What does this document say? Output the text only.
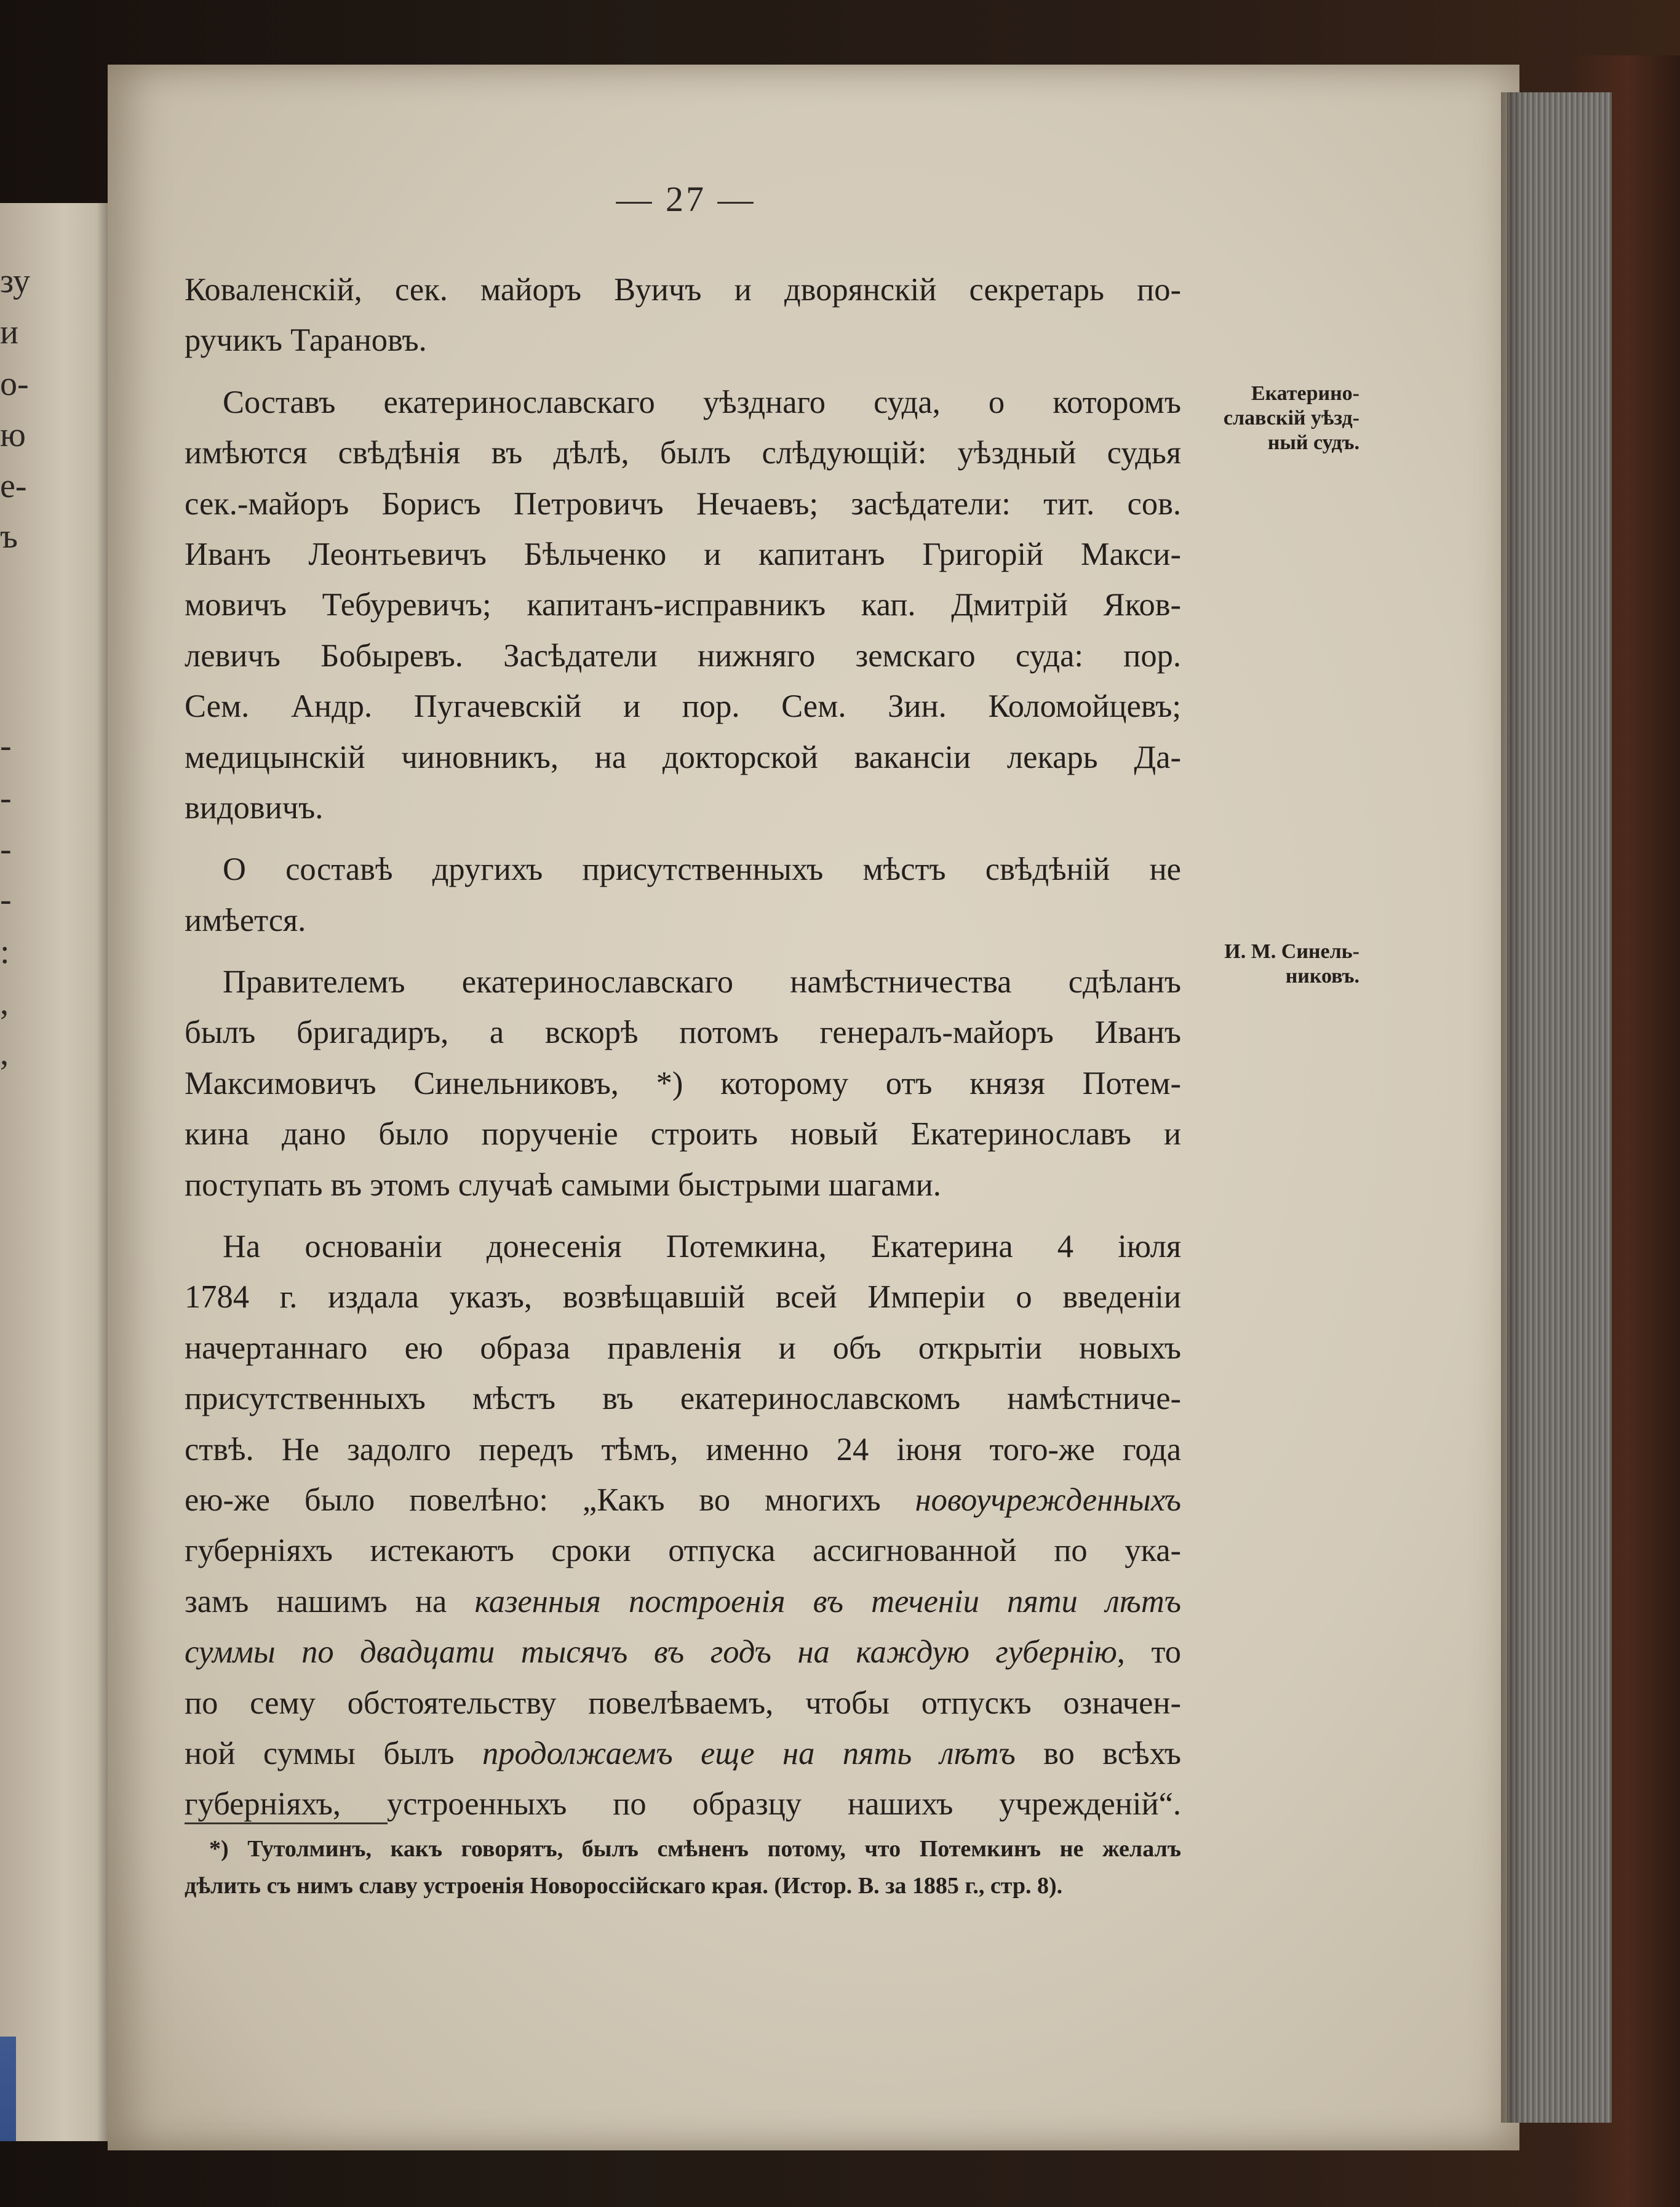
зу
и
о-
ю
е-
ъ
-
-
-
-
:
,
,
— 27 —
Коваленскій, сек. майоръ Вуичъ и дворянскій секретарь по-
ручикъ Тарановъ.
Составъ екатеринославскаго уѣзднаго суда, о которомъ
имѣются свѣдѣнія въ дѣлѣ, былъ слѣдующій: уѣздный судья
сек.-майоръ Борисъ Петровичъ Нечаевъ; засѣдатели: тит. сов.
Иванъ Леонтьевичъ Бѣльченко и капитанъ Григорій Макси-
мовичъ Тебуревичъ; капитанъ-исправникъ кап. Дмитрій Яков-
левичъ Бобыревъ. Засѣдатели нижняго земскаго суда: пор.
Сем. Андр. Пугачевскій и пор. Сем. Зин. Коломойцевъ;
медицынскій чиновникъ, на докторской вакансіи лекарь Да-
видовичъ.
О составѣ другихъ присутственныхъ мѣстъ свѣдѣній не
имѣется.
Правителемъ екатеринославскаго намѣстничества сдѣланъ
былъ бригадиръ, а вскорѣ потомъ генералъ-майоръ Иванъ
Максимовичъ Синельниковъ, *) которому отъ князя Потем-
кина дано было порученіе строить новый Екатеринославъ и
поступать въ этомъ случаѣ самыми быстрыми шагами.
На основаніи донесенія Потемкина, Екатерина 4 іюля
1784 г. издала указъ, возвѣщавшій всей Имперіи о введеніи
начертаннаго ею образа правленія и объ открытіи новыхъ
присутственныхъ мѣстъ въ екатеринославскомъ намѣстниче-
ствѣ. Не задолго передъ тѣмъ, именно 24 іюня того-же года
ею-же было повелѣно: „Какъ во многихъ новоучрежденныхъ
губерніяхъ истекаютъ сроки отпуска ассигнованной по ука-
замъ нашимъ на казенныя построенія въ теченіи пяти лѣтъ
суммы по двадцати тысячъ въ годъ на каждую губернію, то
по сему обстоятельству повелѣваемъ, чтобы отпускъ означен-
ной суммы былъ продолжаемъ еще на пять лѣтъ во всѣхъ
губерніяхъ, устроенныхъ по образцу нашихъ учрежденій“.
Екатерино-
славскій уѣзд-
ный судъ.
И. М. Синель-
никовъ.
*) Тутолминъ, какъ говорятъ, былъ смѣненъ потому, что Потемкинъ не желалъ
дѣлить съ нимъ славу устроенія Новороссійскаго края. (Истор. В. за 1885 г., стр. 8).
